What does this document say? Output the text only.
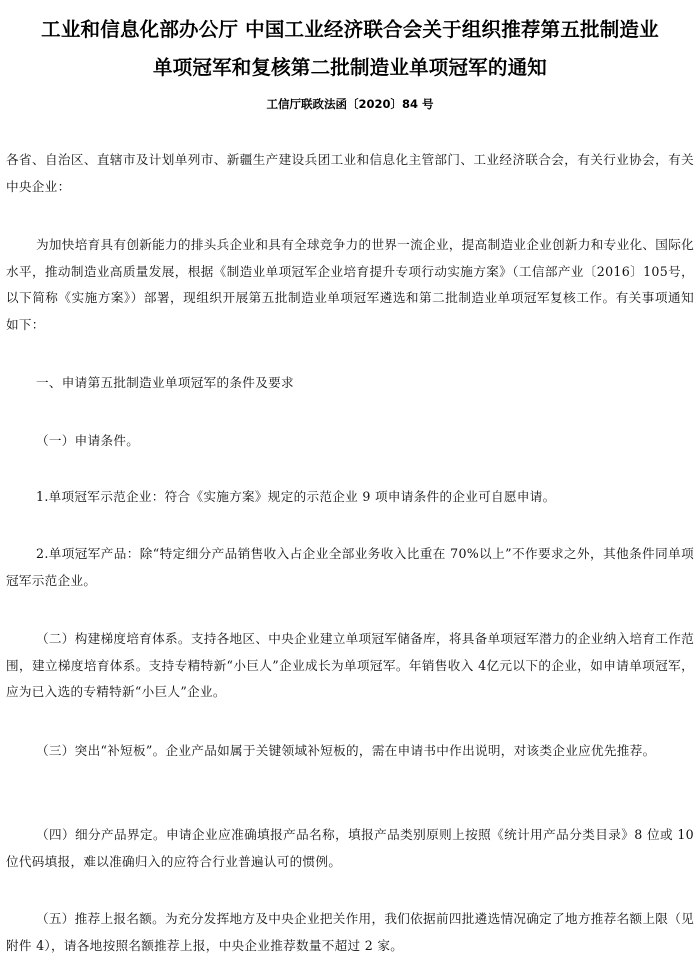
工业和信息化部办公厅 中国工业经济联合会关于组织推荐第五批制造业
单项冠军和复核第二批制造业单项冠军的通知
工信厅联政法函〔2020〕84 号
各省、自治区、直辖市及计划单列市、新疆生产建设兵团工业和信息化主管部门、工业经济联合会，有关行业协会，有关中央企业：
为加快培育具有创新能力的排头兵企业和具有全球竞争力的世界一流企业，提高制造业企业创新力和专业化、国际化水平，推动制造业高质量发展，根据《制造业单项冠军企业培育提升专项行动实施方案》（工信部产业〔2016〕105号，以下简称《实施方案》）部署，现组织开展第五批制造业单项冠军遴选和第二批制造业单项冠军复核工作。有关事项通知如下：
一、申请第五批制造业单项冠军的条件及要求
（一）申请条件。
1.单项冠军示范企业：符合《实施方案》规定的示范企业 9 项申请条件的企业可自愿申请。
2.单项冠军产品：除“特定细分产品销售收入占企业全部业务收入比重在 70%以上”不作要求之外，其他条件同单项冠军示范企业。
（二）构建梯度培育体系。支持各地区、中央企业建立单项冠军储备库，将具备单项冠军潜力的企业纳入培育工作范围，建立梯度培育体系。支持专精特新“小巨人”企业成长为单项冠军。年销售收入 4亿元以下的企业，如申请单项冠军，应为已入选的专精特新“小巨人”企业。
（三）突出“补短板”。企业产品如属于关键领域补短板的，需在申请书中作出说明，对该类企业应优先推荐。
（四）细分产品界定。申请企业应准确填报产品名称，填报产品类别原则上按照《统计用产品分类目录》8 位或 10 位代码填报，难以准确归入的应符合行业普遍认可的惯例。
（五）推荐上报名额。为充分发挥地方及中央企业把关作用，我们依据前四批遴选情况确定了地方推荐名额上限（见附件 4），请各地按照名额推荐上报，中央企业推荐数量不超过 2 家。
